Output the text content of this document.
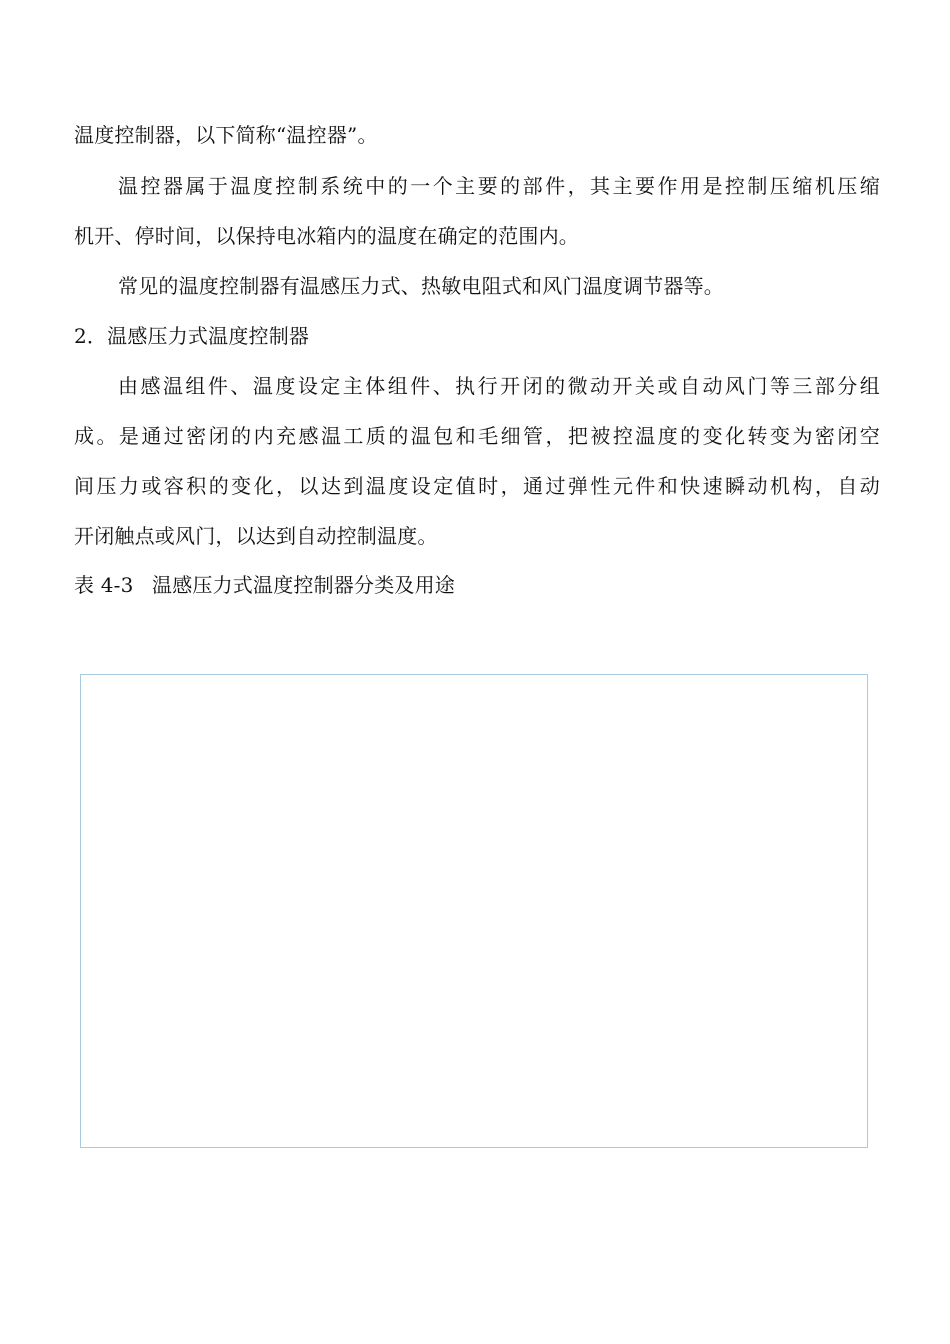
温度控制器，以下简称“温控器”。
温控器属于温度控制系统中的一个主要的部件，其主要作用是控制压缩机压缩
机开、停时间，以保持电冰箱内的温度在确定的范围内。
常见的温度控制器有温感压力式、热敏电阻式和风门温度调节器等。
2．温感压力式温度控制器
由感温组件、温度设定主体组件、执行开闭的微动开关或自动风门等三部分组
成。是通过密闭的内充感温工质的温包和毛细管，把被控温度的变化转变为密闭空
间压力或容积的变化，以达到温度设定值时，通过弹性元件和快速瞬动机构，自动
开闭触点或风门，以达到自动控制温度。
表 4-3 温感压力式温度控制器分类及用途
